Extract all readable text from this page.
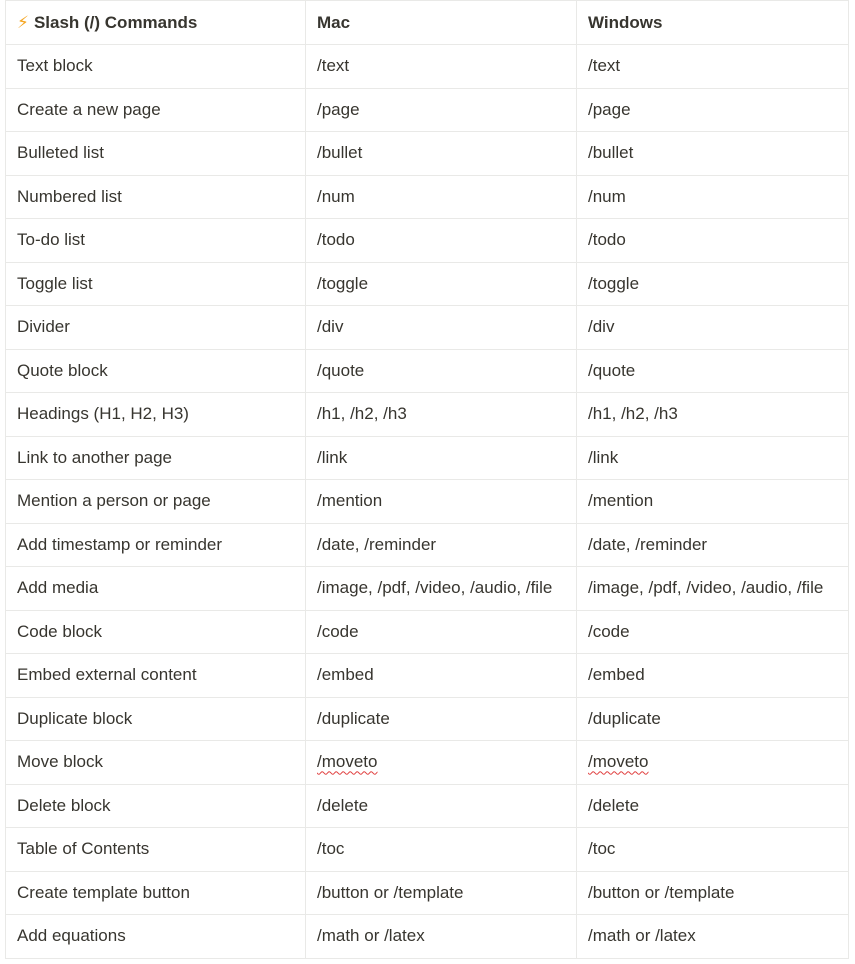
⚡ Slash (/) Commands	Mac	Windows
Text block	/text	/text
Create a new page	/page	/page
Bulleted list	/bullet	/bullet
Numbered list	/num	/num
To-do list	/todo	/todo
Toggle list	/toggle	/toggle
Divider	/div	/div
Quote block	/quote	/quote
Headings (H1, H2, H3)	/h1, /h2, /h3	/h1, /h2, /h3
Link to another page	/link	/link
Mention a person or page	/mention	/mention
Add timestamp or reminder	/date, /reminder	/date, /reminder
Add media	/image, /pdf, /video, /audio, /file	/image, /pdf, /video, /audio, /file
Code block	/code	/code
Embed external content	/embed	/embed
Duplicate block	/duplicate	/duplicate
Move block	/moveto	/moveto
Delete block	/delete	/delete
Table of Contents	/toc	/toc
Create template button	/button or /template	/button or /template
Add equations	/math or /latex	/math or /latex
